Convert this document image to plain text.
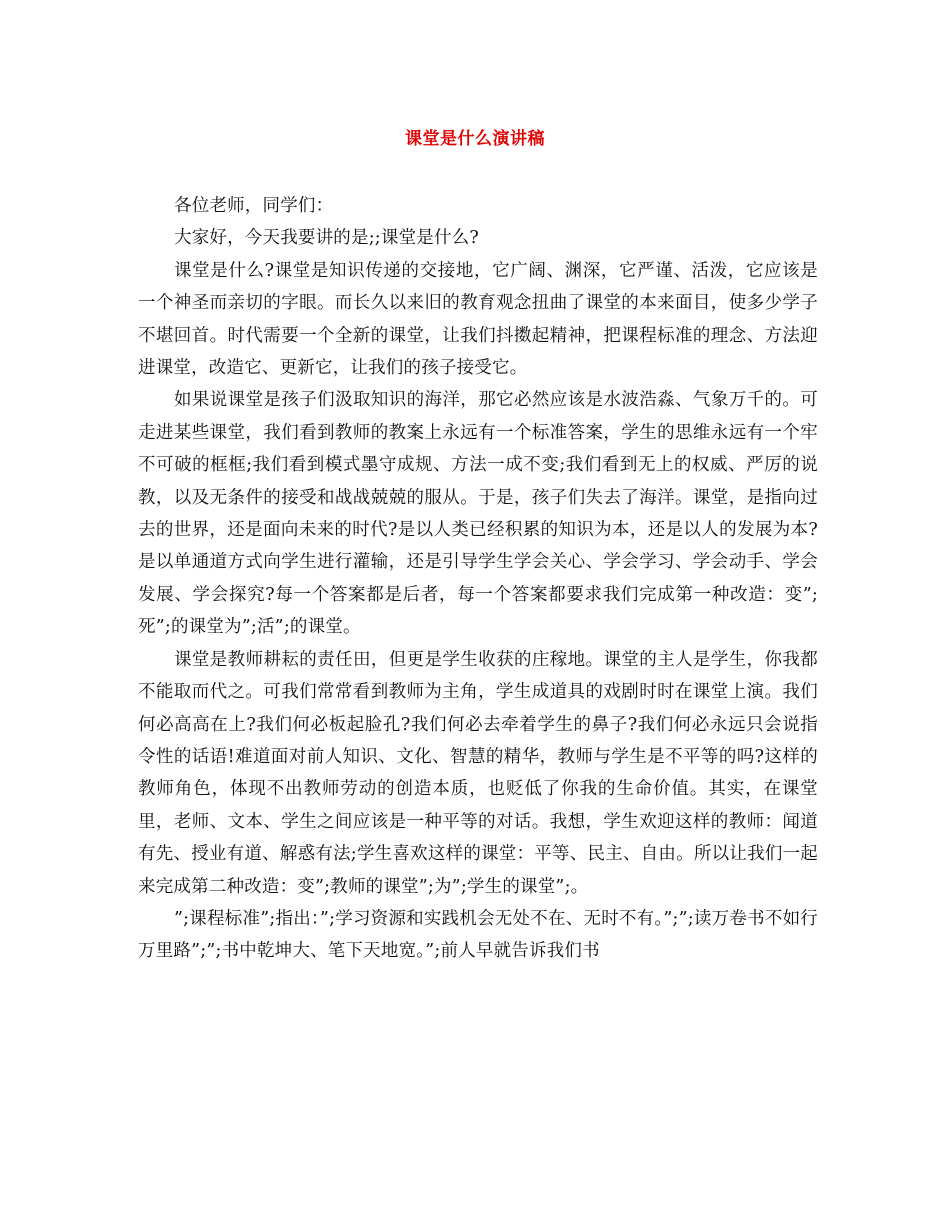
课堂是什么演讲稿

各位老师，同学们：

大家好，今天我要讲的是;;课堂是什么?

课堂是什么?课堂是知识传递的交接地，它广阔、渊深，它严谨、活泼，它应该是一个神圣而亲切的字眼。而长久以来旧的教育观念扭曲了课堂的本来面目，使多少学子不堪回首。时代需要一个全新的课堂，让我们抖擞起精神，把课程标准的理念、方法迎进课堂，改造它、更新它，让我们的孩子接受它。

如果说课堂是孩子们汲取知识的海洋，那它必然应该是水波浩淼、气象万千的。可走进某些课堂，我们看到教师的教案上永远有一个标准答案，学生的思维永远有一个牢不可破的框框;我们看到模式墨守成规、方法一成不变;我们看到无上的权威、严厉的说教，以及无条件的接受和战战兢兢的服从。于是，孩子们失去了海洋。课堂，是指向过去的世界，还是面向未来的时代?是以人类已经积累的知识为本，还是以人的发展为本?是以单通道方式向学生进行灌输，还是引导学生学会关心、学会学习、学会动手、学会发展、学会探究?每一个答案都是后者，每一个答案都要求我们完成第一种改造：变”;死”;的课堂为”;活”;的课堂。

课堂是教师耕耘的责任田，但更是学生收获的庄稼地。课堂的主人是学生，你我都不能取而代之。可我们常常看到教师为主角，学生成道具的戏剧时时在课堂上演。我们何必高高在上?我们何必板起脸孔?我们何必去牵着学生的鼻子?我们何必永远只会说指令性的话语!难道面对前人知识、文化、智慧的精华，教师与学生是不平等的吗?这样的教师角色，体现不出教师劳动的创造本质，也贬低了你我的生命价值。其实，在课堂里，老师、文本、学生之间应该是一种平等的对话。我想，学生欢迎这样的教师：闻道有先、授业有道、解惑有法;学生喜欢这样的课堂：平等、民主、自由。所以让我们一起来完成第二种改造：变”;教师的课堂”;为”;学生的课堂”;。

”;课程标准”;指出：”;学习资源和实践机会无处不在、无时不有。”;”;读万卷书不如行万里路”;”;书中乾坤大、笔下天地宽。”;前人早就告诉我们书
